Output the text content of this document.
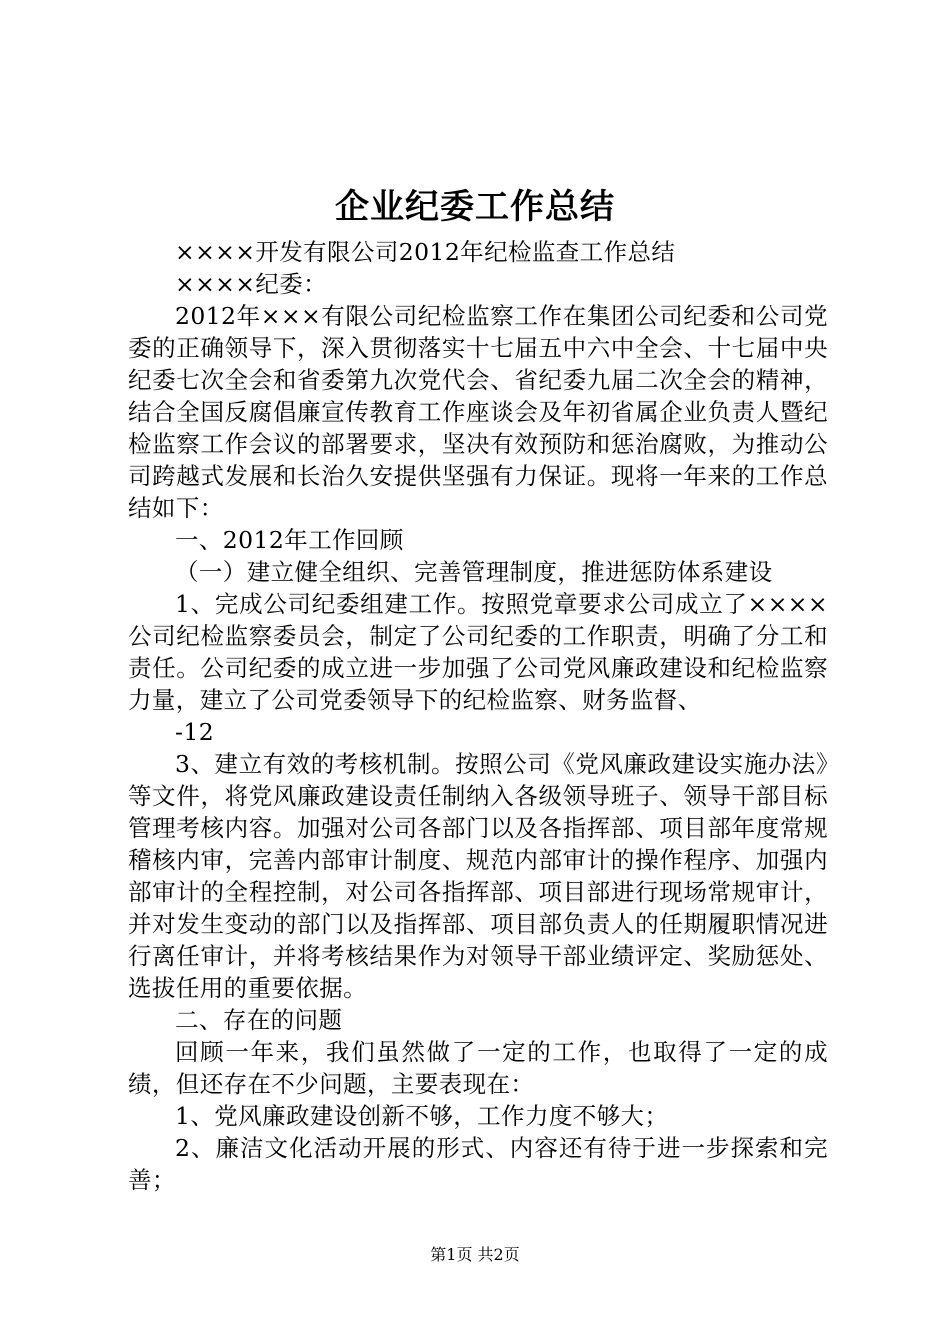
企业纪委工作总结

××××开发有限公司2012年纪检监查工作总结

××××纪委：

2012年×××有限公司纪检监察工作在集团公司纪委和公司党委的正确领导下，深入贯彻落实十七届五中六中全会、十七届中央纪委七次全会和省委第九次党代会、省纪委九届二次全会的精神，结合全国反腐倡廉宣传教育工作座谈会及年初省属企业负责人暨纪检监察工作会议的部署要求，坚决有效预防和惩治腐败，为推动公司跨越式发展和长治久安提供坚强有力保证。现将一年来的工作总结如下：

一、2012年工作回顾

（一）建立健全组织、完善管理制度，推进惩防体系建设

1、完成公司纪委组建工作。按照党章要求公司成立了××××公司纪检监察委员会，制定了公司纪委的工作职责，明确了分工和责任。公司纪委的成立进一步加强了公司党风廉政建设和纪检监察力量，建立了公司党委领导下的纪检监察、财务监督、

-12

3、建立有效的考核机制。按照公司《党风廉政建设实施办法》等文件，将党风廉政建设责任制纳入各级领导班子、领导干部目标管理考核内容。加强对公司各部门以及各指挥部、项目部年度常规稽核内审，完善内部审计制度、规范内部审计的操作程序、加强内部审计的全程控制，对公司各指挥部、项目部进行现场常规审计，并对发生变动的部门以及指挥部、项目部负责人的任期履职情况进行离任审计，并将考核结果作为对领导干部业绩评定、奖励惩处、选拔任用的重要依据。

二、存在的问题

回顾一年来，我们虽然做了一定的工作，也取得了一定的成绩，但还存在不少问题，主要表现在：

1、党风廉政建设创新不够，工作力度不够大；

2、廉洁文化活动开展的形式、内容还有待于进一步探索和完善；

第1页 共2页
